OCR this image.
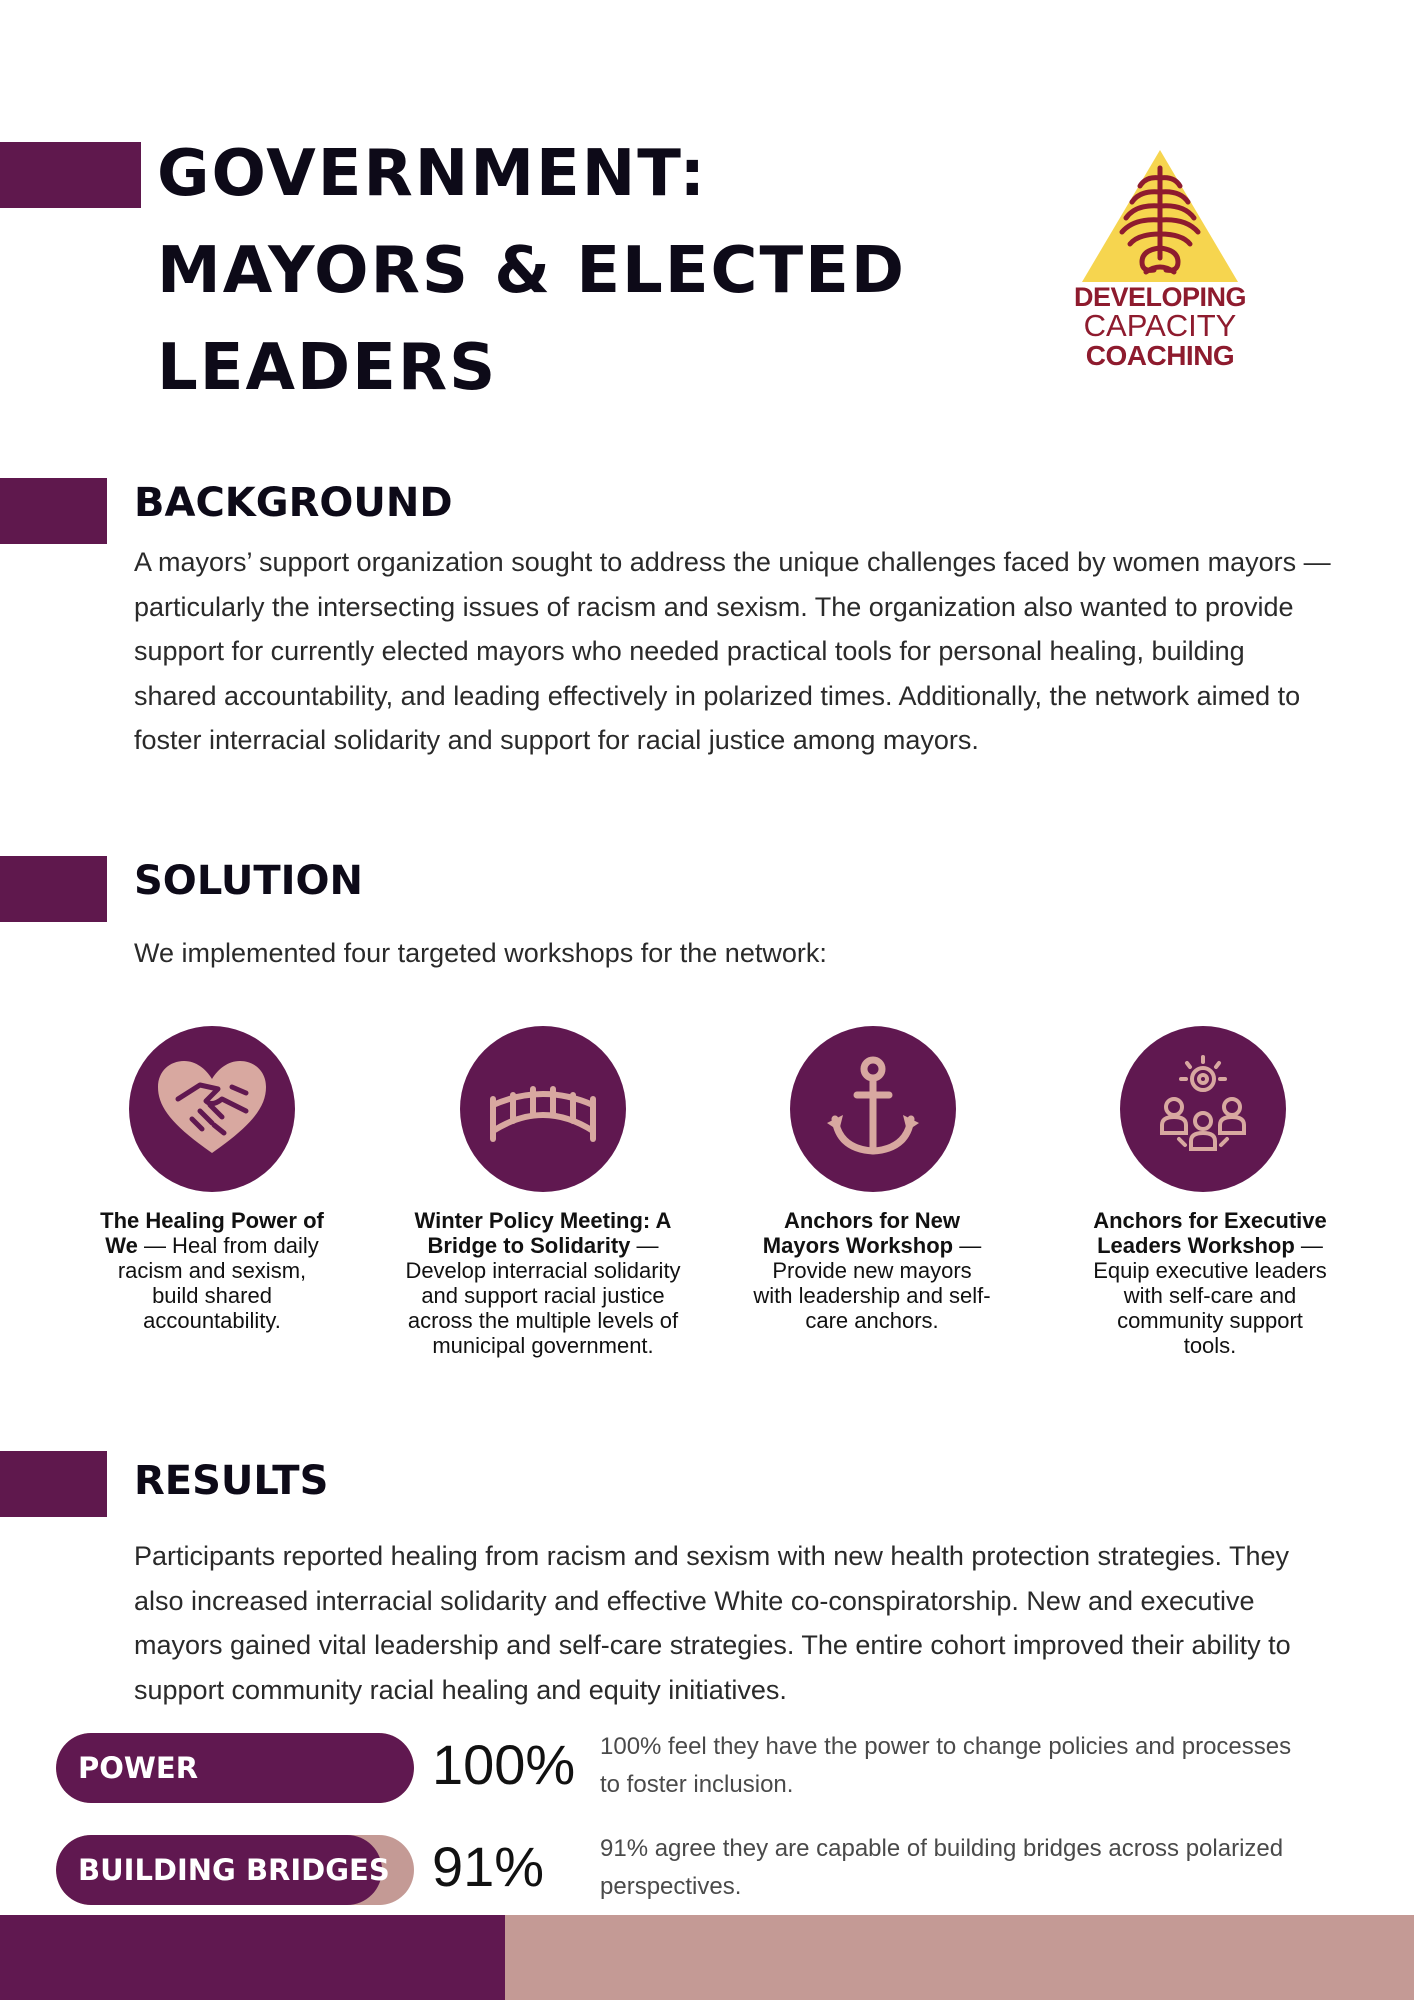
GOVERNMENT:
MAYORS & ELECTED
LEADERS
DEVELOPING
CAPACITY
COACHING
BACKGROUND

A mayors’ support organization sought to address the unique challenges faced by women mayors — particularly the intersecting issues of racism and sexism. The organization also wanted to provide support for currently elected mayors who needed practical tools for personal healing, building shared accountability, and leading effectively in polarized times. Additionally, the network aimed to foster interracial solidarity and support for racial justice among mayors.

SOLUTION

We implemented four targeted workshops for the network:

The Healing Power of We — Heal from daily racism and sexism, build shared accountability.
Winter Policy Meeting: A Bridge to Solidarity — Develop interracial solidarity and support racial justice across the multiple levels of municipal government.
Anchors for New Mayors Workshop — Provide new mayors with leadership and self-care anchors.
Anchors for Executive Leaders Workshop — Equip executive leaders with self-care and community support tools.
RESULTS

Participants reported healing from racism and sexism with new health protection strategies. They also increased interracial solidarity and effective White co-conspiratorship. New and executive mayors gained vital leadership and self-care strategies. The entire cohort improved their ability to support community racial healing and equity initiatives.

POWER	100% 100% feel they have the power to change policies and processes to foster inclusion.
BUILDING BRIDGES 91% 91% agree they are capable of building bridges across polarized perspectives.
